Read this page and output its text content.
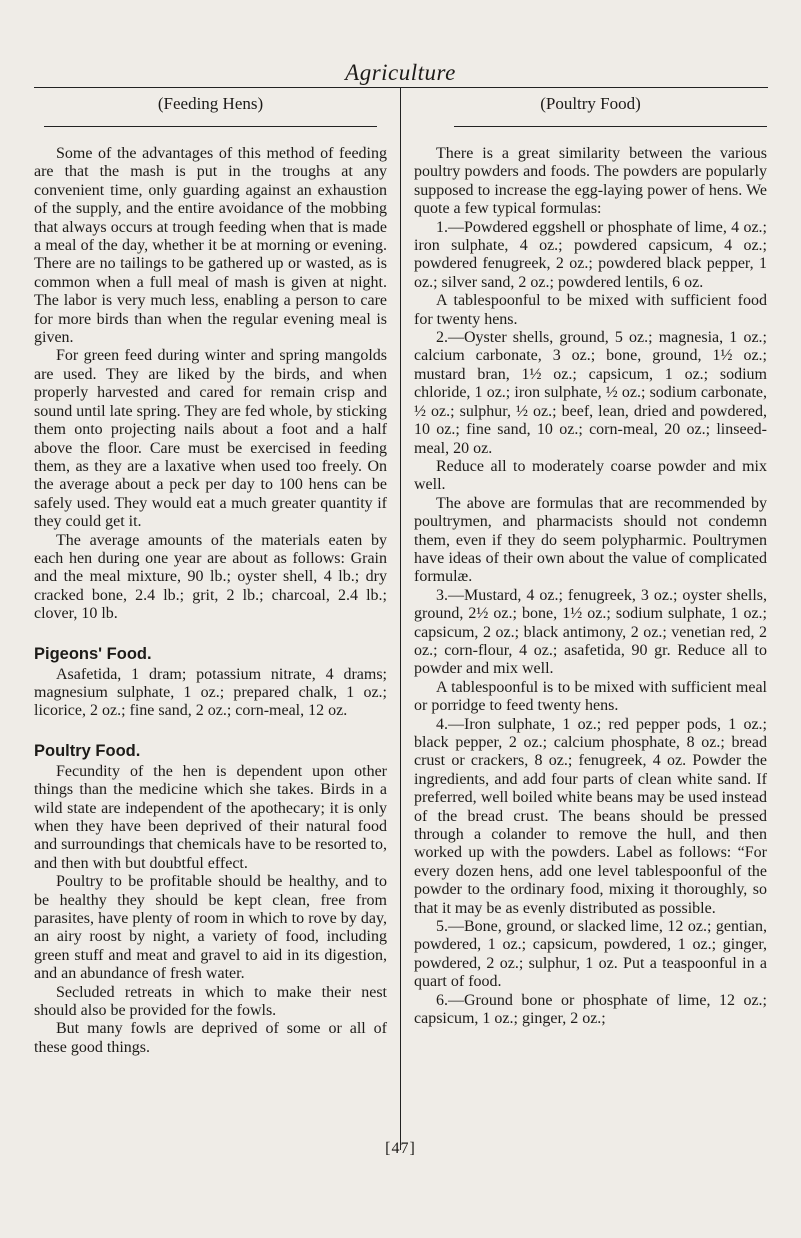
Agriculture
(Feeding Hens)

Some of the advantages of this method of feeding are that the mash is put in the troughs at any convenient time, only guarding against an exhaustion of the supply, and the entire avoidance of the mobbing that always occurs at trough feeding when that is made a meal of the day, whether it be at morning or evening. There are no tailings to be gathered up or wasted, as is common when a full meal of mash is given at night. The labor is very much less, enabling a person to care for more birds than when the regular evening meal is given.

For green feed during winter and spring mangolds are used. They are liked by the birds, and when properly harvested and cared for remain crisp and sound until late spring. They are fed whole, by sticking them onto projecting nails about a foot and a half above the floor. Care must be exercised in feeding them, as they are a laxative when used too freely. On the average about a peck per day to 100 hens can be safely used. They would eat a much greater quantity if they could get it.

The average amounts of the materials eaten by each hen during one year are about as follows: Grain and the meal mixture, 90 lb.; oyster shell, 4 lb.; dry cracked bone, 2.4 lb.; grit, 2 lb.; charcoal, 2.4 lb.; clover, 10 lb.

Pigeons' Food.

Asafetida, 1 dram; potassium nitrate, 4 drams; magnesium sulphate, 1 oz.; prepared chalk, 1 oz.; licorice, 2 oz.; fine sand, 2 oz.; corn-meal, 12 oz.

Poultry Food.

Fecundity of the hen is dependent upon other things than the medicine which she takes. Birds in a wild state are independent of the apothecary; it is only when they have been deprived of their natural food and surroundings that chemicals have to be resorted to, and then with but doubtful effect.

Poultry to be profitable should be healthy, and to be healthy they should be kept clean, free from parasites, have plenty of room in which to rove by day, an airy roost by night, a variety of food, including green stuff and meat and gravel to aid in its digestion, and an abundance of fresh water.

Secluded retreats in which to make their nest should also be provided for the fowls.

But many fowls are deprived of some or all of these good things.

(Poultry Food)

There is a great similarity between the various poultry powders and foods. The powders are popularly supposed to increase the egg-laying power of hens. We quote a few typical formulas:

1.—Powdered eggshell or phosphate of lime, 4 oz.; iron sulphate, 4 oz.; powdered capsicum, 4 oz.; powdered fenugreek, 2 oz.; powdered black pepper, 1 oz.; silver sand, 2 oz.; powdered lentils, 6 oz.

A tablespoonful to be mixed with sufficient food for twenty hens.

2.—Oyster shells, ground, 5 oz.; magnesia, 1 oz.; calcium carbonate, 3 oz.; bone, ground, 1½ oz.; mustard bran, 1½ oz.; capsicum, 1 oz.; sodium chloride, 1 oz.; iron sulphate, ½ oz.; sodium carbonate, ½ oz.; sulphur, ½ oz.; beef, lean, dried and powdered, 10 oz.; fine sand, 10 oz.; corn-meal, 20 oz.; linseed-meal, 20 oz.

Reduce all to moderately coarse powder and mix well.

The above are formulas that are recommended by poultrymen, and pharmacists should not condemn them, even if they do seem polypharmic. Poultrymen have ideas of their own about the value of complicated formulæ.

3.—Mustard, 4 oz.; fenugreek, 3 oz.; oyster shells, ground, 2½ oz.; bone, 1½ oz.; sodium sulphate, 1 oz.; capsicum, 2 oz.; black antimony, 2 oz.; venetian red, 2 oz.; corn-flour, 4 oz.; asafetida, 90 gr. Reduce all to powder and mix well.

A tablespoonful is to be mixed with sufficient meal or porridge to feed twenty hens.

4.—Iron sulphate, 1 oz.; red pepper pods, 1 oz.; black pepper, 2 oz.; calcium phosphate, 8 oz.; bread crust or crackers, 8 oz.; fenugreek, 4 oz. Powder the ingredients, and add four parts of clean white sand. If preferred, well boiled white beans may be used instead of the bread crust. The beans should be pressed through a colander to remove the hull, and then worked up with the powders. Label as follows: “For every dozen hens, add one level tablespoonful of the powder to the ordinary food, mixing it thoroughly, so that it may be as evenly distributed as possible.

5.—Bone, ground, or slacked lime, 12 oz.; gentian, powdered, 1 oz.; capsicum, powdered, 1 oz.; ginger, powdered, 2 oz.; sulphur, 1 oz. Put a teaspoonful in a quart of food.

6.—Ground bone or phosphate of lime, 12 oz.; capsicum, 1 oz.; ginger, 2 oz.;

[47]
